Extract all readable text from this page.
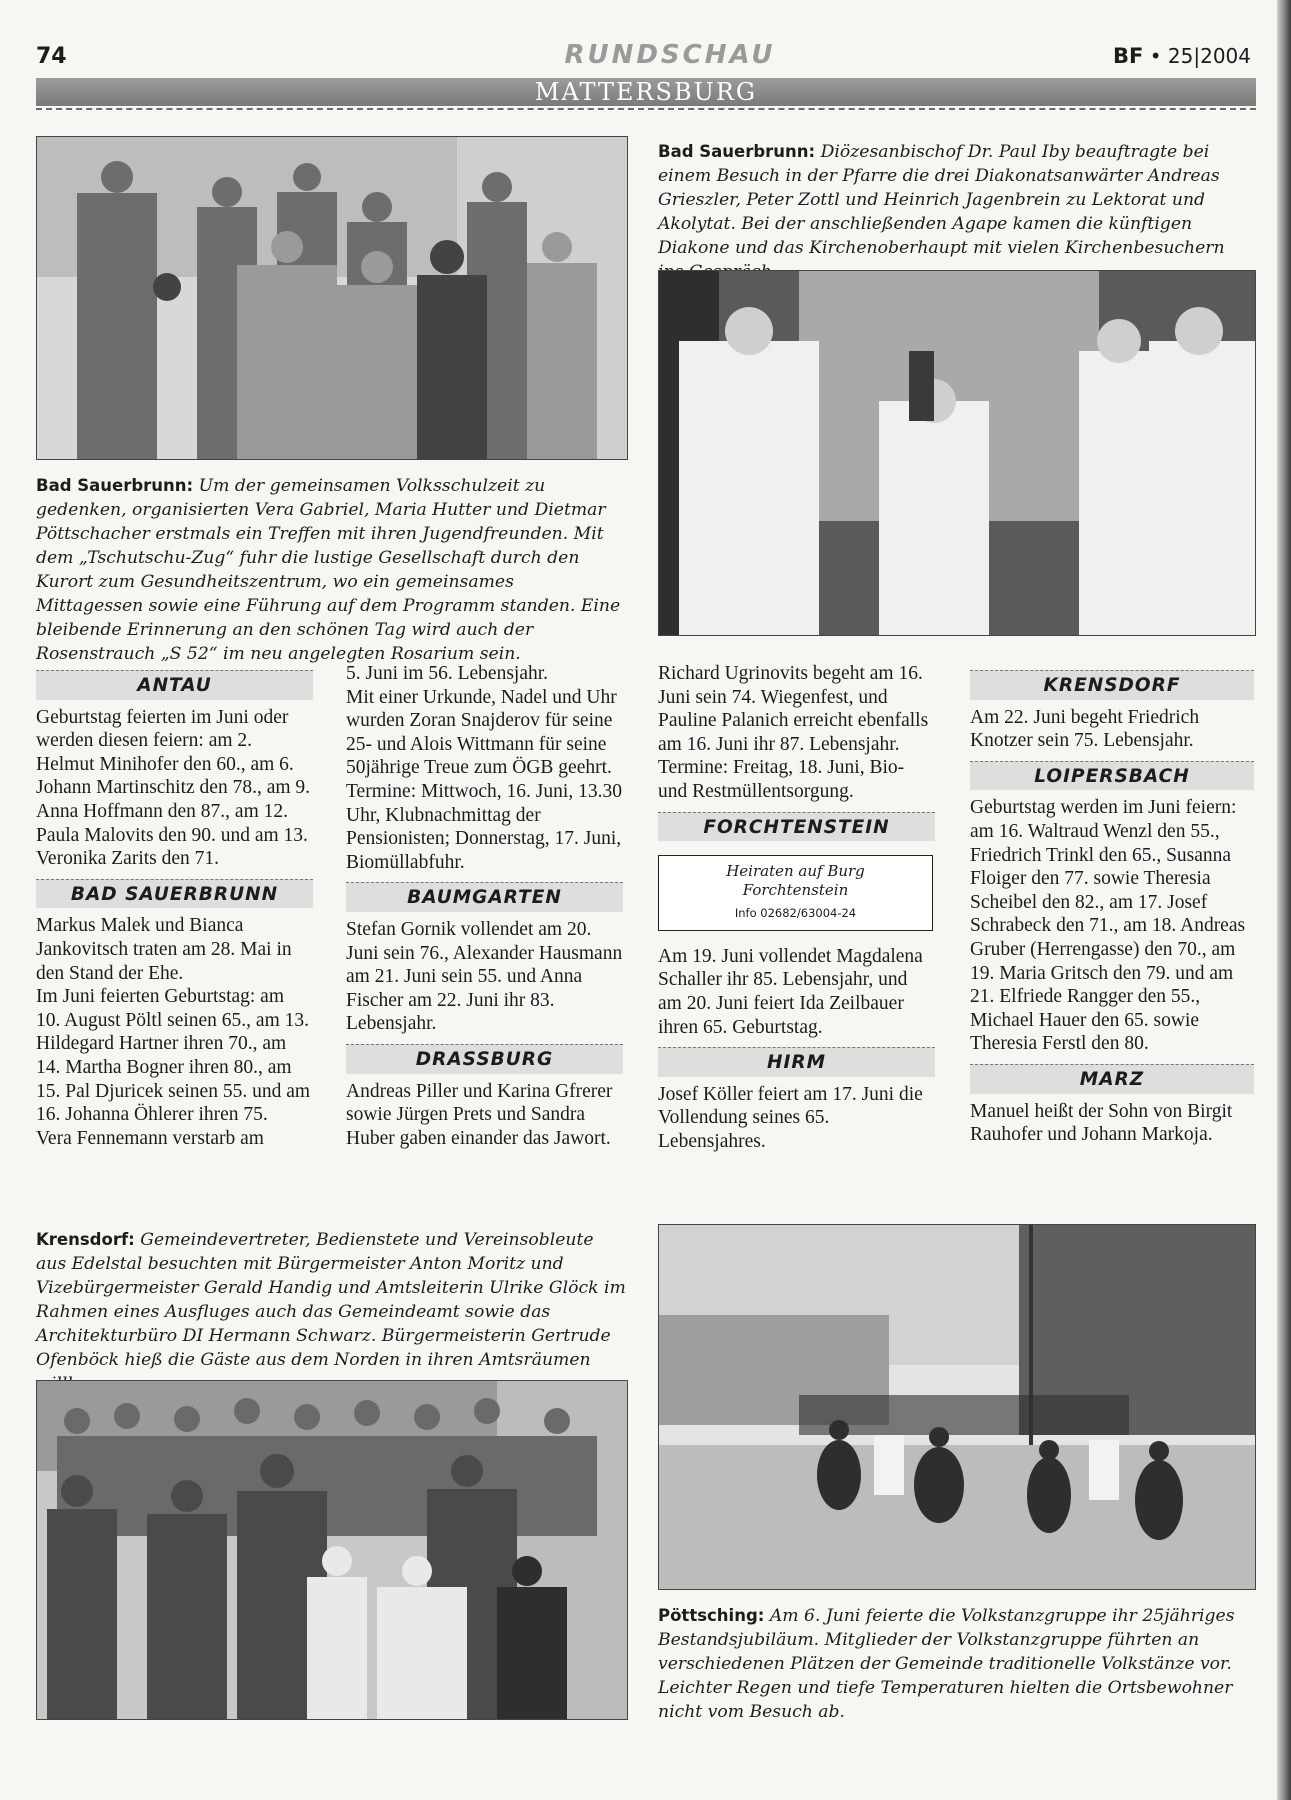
74	RUNDSCHAU	BF • 25|2004
MATTERSBURG
Bad Sauerbrunn: Diözesanbischof Dr. Paul Iby beauftragte bei einem Besuch in der Pfarre die drei Diakonatsanwärter Andreas Grieszler, Peter Zottl und Heinrich Jagenbrein zu Lektorat und Akolytat. Bei der anschließenden Agape kamen die künftigen Diakone und das Kirchenoberhaupt mit vielen Kirchenbesuchern
Bad Sauerbrunn: Um der gemeinsamen Volksschulzeit zu gedenken, organisierten Vera Gabriel, Maria Hutter und Dietmar Pöttschacher erstmals ein Treffen mit ihren Jugendfreunden. Mit dem „Tschutschu-Zug“ fuhr die lustige Gesellschaft durch den Kurort zum Gesundheitszentrum, wo ein gemeinsames Mittagessen sowie eine Führung auf dem Programm standen. Eine bleibende Erinnerung an den schönen Tag wird auch der Rosenstrauch „S 52“ im neu angelegten Rosarium sein.
ANTAU

Geburtstag feierten im Juni oder werden diesen feiern: am 2. Helmut Minihofer den 60., am 6. Johann Martinschitz den 78., am 9. Anna Hoffmann den 87., am 12. Paula Malovits den 90. und am 13. Veronika Zarits den 71.

BAD SAUERBRUNN

Markus Malek und Bianca Jankovitsch traten am 28. Mai in den Stand der Ehe.

Im Juni feierten Geburtstag: am 10. August Pöltl seinen 65., am 13. Hildegard Hartner ihren 70., am 14. Martha Bogner ihren 80., am 15. Pal Djuricek seinen 55. und am 16. Johanna Öhlerer ihren 75.

Vera Fennemann verstarb am

5. Juni im 56. Lebensjahr.

Mit einer Urkunde, Nadel und Uhr wurden Zoran Snajderov für seine 25- und Alois Wittmann für seine 50jährige Treue zum ÖGB geehrt.

Termine: Mittwoch, 16. Juni, 13.30 Uhr, Klubnachmittag der Pensionisten; Donnerstag, 17. Juni, Biomüllabfuhr.

BAUMGARTEN

Stefan Gornik vollendet am 20. Juni sein 76., Alexander Hausmann am 21. Juni sein 55. und Anna Fischer am 22. Juni ihr 83. Lebensjahr.

DRASSBURG

Andreas Piller und Karina Gfrerer sowie Jürgen Prets und Sandra Huber gaben einander das Jawort.

Richard Ugrinovits begeht am 16. Juni sein 74. Wiegenfest, und Pauline Palanich erreicht ebenfalls am 16. Juni ihr 87. Lebensjahr.

Termine: Freitag, 18. Juni, Bio- und Restmüllentsorgung.

FORCHTENSTEIN
Heiraten auf Burg
Forchtenstein
Info 02682/63004-24

Am 19. Juni vollendet Magdalena Schaller ihr 85. Lebensjahr, und am 20. Juni feiert Ida Zeilbauer ihren 65. Geburtstag.

HIRM

Josef Köller feiert am 17. Juni die Vollendung seines 65. Lebensjahres.

KRENSDORF

Am 22. Juni begeht Friedrich Knotzer sein 75. Lebensjahr.

LOIPERSBACH

Geburtstag werden im Juni feiern: am 16. Waltraud Wenzl den 55., Friedrich Trinkl den 65., Susanna Floiger den 77. sowie Theresia Scheibel den 82., am 17. Josef Schrabeck den 71., am 18. Andreas Gruber (Herrengasse) den 70., am 19. Maria Gritsch den 79. und am 21. Elfriede Rangger den 55., Michael Hauer den 65. sowie Theresia Ferstl den 80.

MARZ

Manuel heißt der Sohn von Birgit Rauhofer und Johann Markoja.

Krensdorf: Gemeindevertreter, Bedienstete und Vereinsobleute aus Edelstal besuchten mit Bürgermeister Anton Moritz und Vizebürgermeister Gerald Handig und Amtsleiterin Ulrike Glöck im Rahmen eines Ausfluges auch das Gemeindeamt sowie das Architekturbüro DI Hermann Schwarz. Bürgermeisterin Gertrude Ofenböck hieß die Gäste aus dem Norden in ihren Amtsräumen
Pöttsching: Am 6. Juni feierte die Volkstanzgruppe ihr 25jähriges Bestandsjubiläum. Mitglieder der Volkstanzgruppe führten an verschiedenen Plätzen der Gemeinde traditionelle Volkstänze vor. Leichter Regen und tiefe Temperaturen hielten die Ortsbewohner nicht vom Besuch ab.
